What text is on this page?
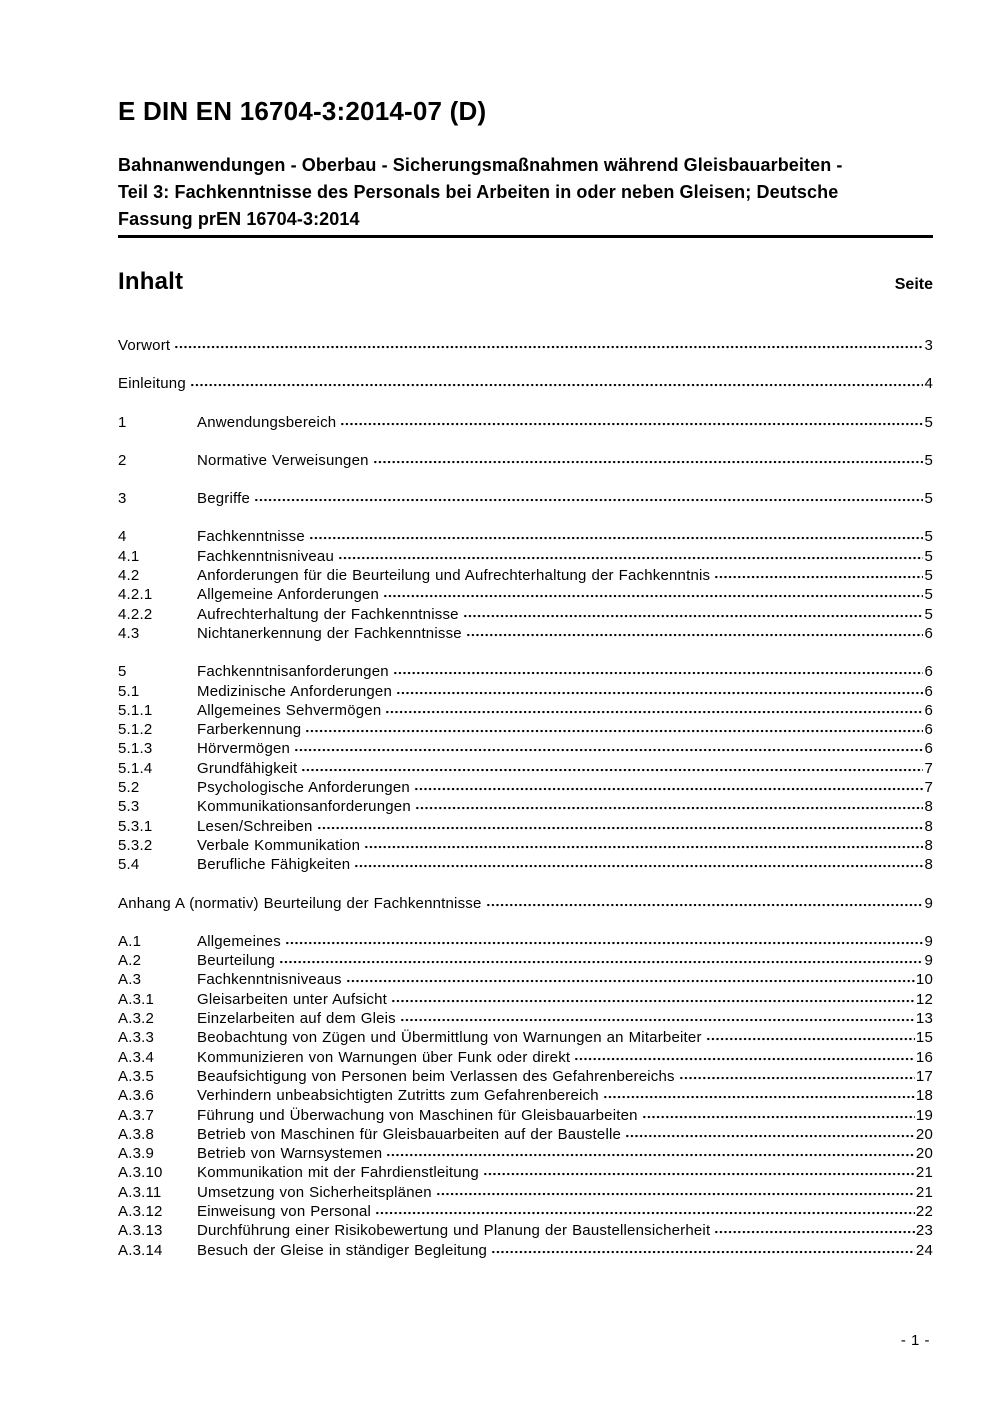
E DIN EN 16704-3:2014-07 (D)
Bahnanwendungen - Oberbau - Sicherungsmaßnahmen während Gleisbauarbeiten -
Teil 3: Fachkenntnisse des Personals bei Arbeiten in oder neben Gleisen; Deutsche
Fassung prEN 16704-3:2014
Inhalt	Seite
Vorwort	3
Einleitung	4
1	Anwendungsbereich	5
2	Normative Verweisungen	5
3	Begriffe	5
4	Fachkenntnisse	5
4.1	Fachkenntnisniveau	5
4.2	Anforderungen für die Beurteilung und Aufrechterhaltung der Fachkenntnis	5
4.2.1	Allgemeine Anforderungen	5
4.2.2	Aufrechterhaltung der Fachkenntnisse	5
4.3	Nichtanerkennung der Fachkenntnisse	6
5	Fachkenntnisanforderungen	6
5.1	Medizinische Anforderungen	6
5.1.1	Allgemeines Sehvermögen	6
5.1.2	Farberkennung	6
5.1.3	Hörvermögen	6
5.1.4	Grundfähigkeit	7
5.2	Psychologische Anforderungen	7
5.3	Kommunikationsanforderungen	8
5.3.1	Lesen/Schreiben	8
5.3.2	Verbale Kommunikation	8
5.4	Berufliche Fähigkeiten	8
Anhang A (normativ) Beurteilung der Fachkenntnisse	9
A.1	Allgemeines	9
A.2	Beurteilung	9
A.3	Fachkenntnisniveaus	10
A.3.1	Gleisarbeiten unter Aufsicht	12
A.3.2	Einzelarbeiten auf dem Gleis	13
A.3.3	Beobachtung von Zügen und Übermittlung von Warnungen an Mitarbeiter	15
A.3.4	Kommunizieren von Warnungen über Funk oder direkt	16
A.3.5	Beaufsichtigung von Personen beim Verlassen des Gefahrenbereichs	17
A.3.6	Verhindern unbeabsichtigten Zutritts zum Gefahrenbereich	18
A.3.7	Führung und Überwachung von Maschinen für Gleisbauarbeiten	19
A.3.8	Betrieb von Maschinen für Gleisbauarbeiten auf der Baustelle	20
A.3.9	Betrieb von Warnsystemen	20
A.3.10	Kommunikation mit der Fahrdienstleitung	21
A.3.11	Umsetzung von Sicherheitsplänen	21
A.3.12	Einweisung von Personal	22
A.3.13	Durchführung einer Risikobewertung und Planung der Baustellensicherheit	23
A.3.14	Besuch der Gleise in ständiger Begleitung	24
- 1 -
